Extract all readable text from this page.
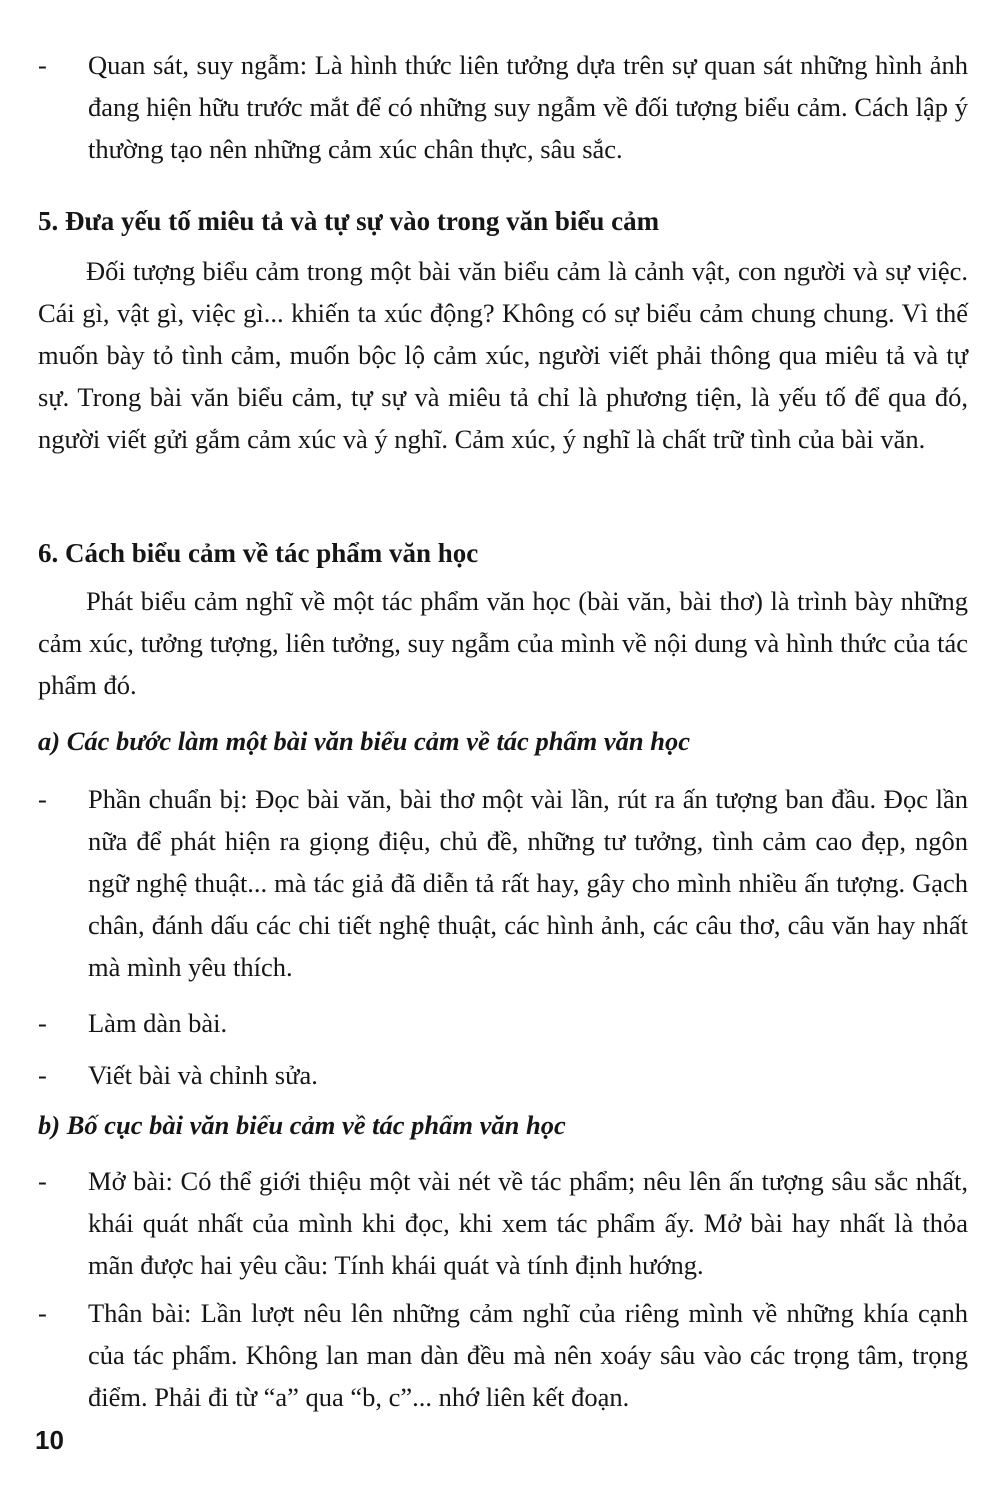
-	Quan sát, suy ngẫm: Là hình thức liên tưởng dựa trên sự quan sát những hình ảnh đang hiện hữu trước mắt để có những suy ngẫm về đối tượng biểu cảm. Cách lập ý thường tạo nên những cảm xúc chân thực, sâu sắc.
5. Đưa yếu tố miêu tả và tự sự vào trong văn biểu cảm
Đối tượng biểu cảm trong một bài văn biểu cảm là cảnh vật, con người và sự việc. Cái gì, vật gì, việc gì... khiến ta xúc động? Không có sự biểu cảm chung chung. Vì thế muốn bày tỏ tình cảm, muốn bộc lộ cảm xúc, người viết phải thông qua miêu tả và tự sự. Trong bài văn biểu cảm, tự sự và miêu tả chỉ là phương tiện, là yếu tố để qua đó, người viết gửi gắm cảm xúc và ý nghĩ. Cảm xúc, ý nghĩ là chất trữ tình của bài văn.
6. Cách biểu cảm về tác phẩm văn học
Phát biểu cảm nghĩ về một tác phẩm văn học (bài văn, bài thơ) là trình bày những cảm xúc, tưởng tượng, liên tưởng, suy ngẫm của mình về nội dung và hình thức của tác phẩm đó.
a) Các bước làm một bài văn biểu cảm về tác phẩm văn học
-	Phần chuẩn bị: Đọc bài văn, bài thơ một vài lần, rút ra ấn tượng ban đầu. Đọc lần nữa để phát hiện ra giọng điệu, chủ đề, những tư tưởng, tình cảm cao đẹp, ngôn ngữ nghệ thuật... mà tác giả đã diễn tả rất hay, gây cho mình nhiều ấn tượng. Gạch chân, đánh dấu các chi tiết nghệ thuật, các hình ảnh, các câu thơ, câu văn hay nhất mà mình yêu thích.
-	Làm dàn bài.
-	Viết bài và chỉnh sửa.
b) Bố cục bài văn biểu cảm về tác phẩm văn học
-	Mở bài: Có thể giới thiệu một vài nét về tác phẩm; nêu lên ấn tượng sâu sắc nhất, khái quát nhất của mình khi đọc, khi xem tác phẩm ấy. Mở bài hay nhất là thỏa mãn được hai yêu cầu: Tính khái quát và tính định hướng.
-	Thân bài: Lần lượt nêu lên những cảm nghĩ của riêng mình về những khía cạnh của tác phẩm. Không lan man dàn đều mà nên xoáy sâu vào các trọng tâm, trọng điểm. Phải đi từ “a” qua “b, c”... nhớ liên kết đoạn.
10
